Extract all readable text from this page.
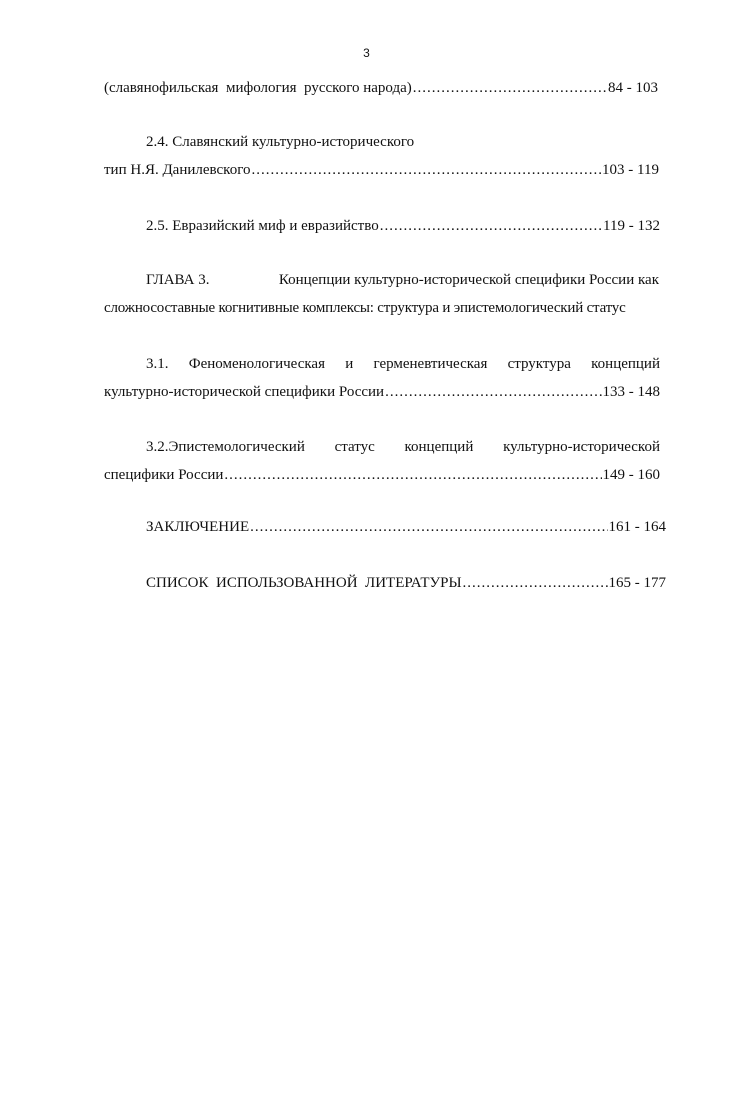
3
(славянофильская  мифология  русского народа) .....	84 - 103
2.4. Славянский культурно-исторического
тип Н.Я. Данилевского .....	103 - 119
2.5. Евразийский миф и евразийство .....	119 - 132
ГЛАВА 3.	Концепции культурно-исторической специфики России как
сложносоставные когнитивные комплексы: структура и эпистемологический статус
3.1. Феноменологическая и герменевтическая структура концепций
культурно-исторической специфики России .....	133 - 148
3.2.Эпистемологический статус концепций культурно-исторической
специфики России .....	149 - 160
ЗАКЛЮЧЕНИЕ .....	161 - 164
СПИСОК  ИСПОЛЬЗОВАННОЙ  ЛИТЕРАТУРЫ .....	165 - 177
